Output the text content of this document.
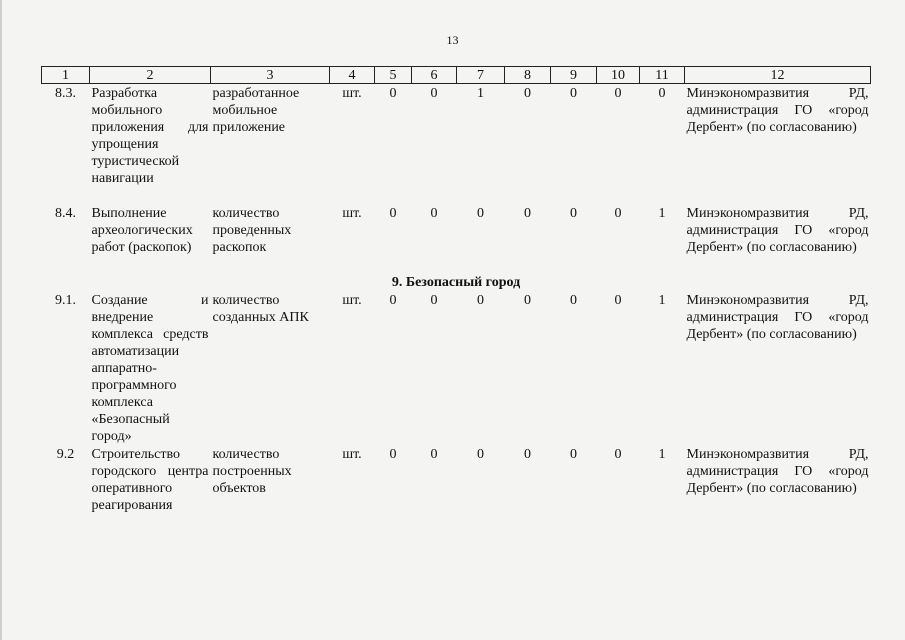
13
1	2	3	4	5	6	7	8	9	10	11	12
8.3.	Разработка мобильного приложения для упрощения туристической навигации	разработанное мобильное приложение	шт.	0	0	1	0	0	0	0	Минэкономразвития РД, администрация ГО «город Дербент» (по согласованию)
8.4.	Выполнение археологических работ (раскопок)	количество проведенных раскопок	шт.	0	0	0	0	0	0	1	Минэкономразвития РД, администрация ГО «город Дербент» (по согласованию)
9. Безопасный город											
9.1.	Создание и внедрение комплекса средств автоматизации аппаратно-программного комплекса «Безопасный город»	количество созданных АПК	шт.	0	0	0	0	0	0	1	Минэкономразвития РД, администрация ГО «город Дербент» (по согласованию)
9.2	Строительство городского центра оперативного реагирования	количество построенных объектов	шт.	0	0	0	0	0	0	1	Минэкономразвития РД, администрация ГО «город Дербент» (по согласованию)
